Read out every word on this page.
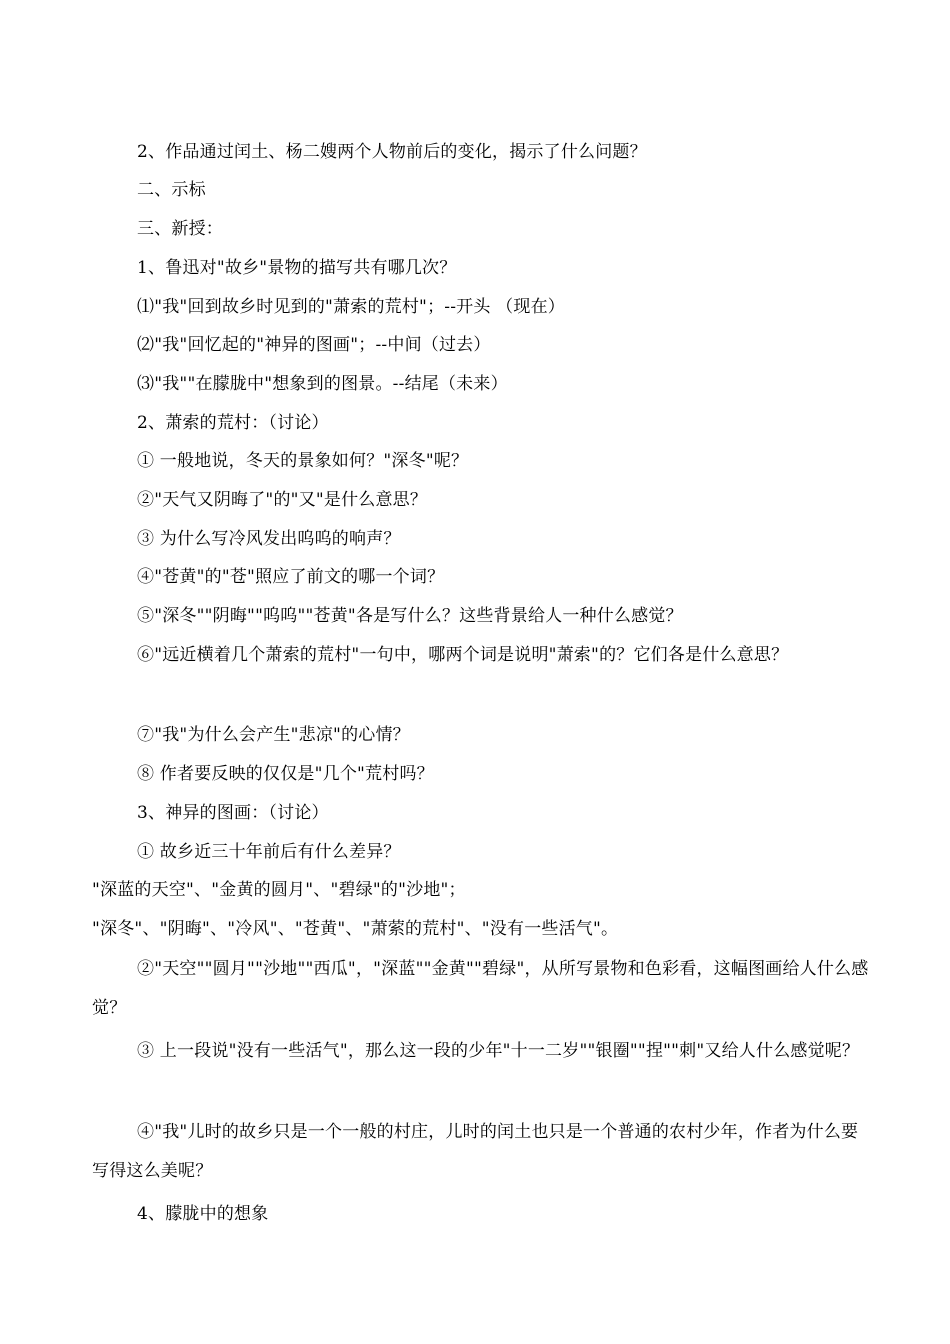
2、作品通过闰土、杨二嫂两个人物前后的变化，揭示了什么问题？
二、示标
三、新授：
1、鲁迅对"故乡"景物的描写共有哪几次？
⑴"我"回到故乡时见到的"萧索的荒村"；--开头 （现在）
⑵"我"回忆起的"神异的图画"；--中间（过去）
⑶"我""在朦胧中"想象到的图景。--结尾（未来）
2、萧索的荒村：（讨论）
① 一般地说，冬天的景象如何？"深冬"呢？
②"天气又阴晦了"的"又"是什么意思？
③ 为什么写冷风发出呜呜的响声？
④"苍黄"的"苍"照应了前文的哪一个词？
⑤"深冬""阴晦""呜呜""苍黄"各是写什么？这些背景给人一种什么感觉？
⑥"远近横着几个萧索的荒村"一句中，哪两个词是说明"萧索"的？它们各是什么意思？
⑦"我"为什么会产生"悲凉"的心情？
⑧ 作者要反映的仅仅是"几个"荒村吗？
3、神异的图画：（讨论）
① 故乡近三十年前后有什么差异？
"深蓝的天空"、"金黄的圆月"、"碧绿"的"沙地"；
"深冬"、"阴晦"、"冷风"、"苍黄"、"萧萦的荒村"、"没有一些活气"。
②"天空""圆月""沙地""西瓜"，"深蓝""金黄""碧绿"，从所写景物和色彩看，这幅图画给人什么感觉？
③ 上一段说"没有一些活气"，那么这一段的少年"十一二岁""银圈""捏""刺"又给人什么感觉呢？
④"我"儿时的故乡只是一个一般的村庄，儿时的闰土也只是一个普通的农村少年，作者为什么要写得这么美呢？
4、朦胧中的想象
